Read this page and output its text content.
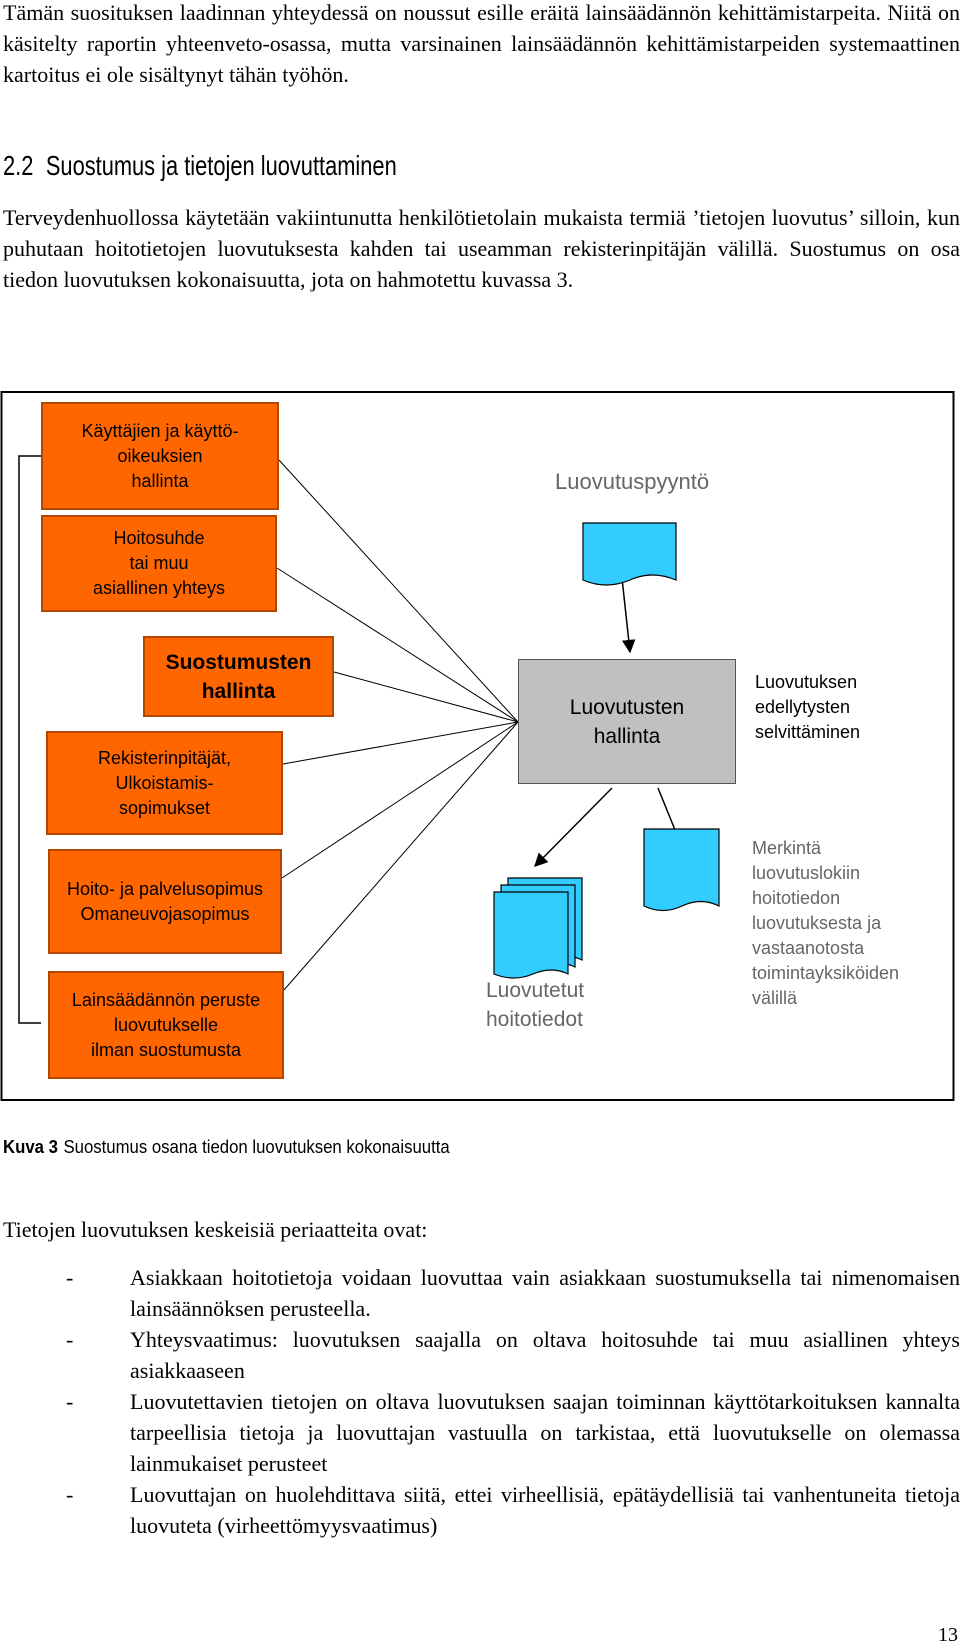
Tämän suosituksen laadinnan yhteydessä on noussut esille eräitä lainsäädännön kehittämistarpeita. Niitä on käsitelty raportin yhteenveto-osassa, mutta varsinainen lainsäädännön kehittämistarpeiden systemaattinen kartoitus ei ole sisältynyt tähän työhön.

2.2 Suostumus ja tietojen luovuttaminen

Terveydenhuollossa käytetään vakiintunutta henkilötietolain mukaista termiä ’tietojen luovutus’ silloin, kun puhutaan hoitotietojen luovutuksesta kahden tai useamman rekisterinpitäjän välillä. Suostumus on osa tiedon luovutuksen kokonaisuutta, jota on hahmotettu kuvassa 3.

Käyttäjien ja käyttö-
oikeuksien
hallinta
Hoitosuhde
tai muu
asiallinen yhteys
Suostumusten
hallinta
Rekisterinpitäjät,
Ulkoistamis-
sopimukset
Hoito- ja palvelusopimus
Omaneuvojasopimus
Lainsäädännön peruste
luovutukselle
ilman suostumusta
Luovutuspyyntö
Luovutusten
hallinta
Luovutuksen
edellytysten
selvittäminen
Luovutetut
hoitotiedot
Merkintä
luovutuslokiin
hoitotiedon
luovutuksesta ja
vastaanotosta
toimintayksiköiden
välillä
Kuva 3 Suostumus osana tiedon luovutuksen kokonaisuutta
Tietojen luovutuksen keskeisiä periaatteita ovat:
-	Asiakkaan hoitotietoja voidaan luovuttaa vain asiakkaan suostumuksella tai nimenomaisen lainsäännöksen perusteella.
-	Yhteysvaatimus: luovutuksen saajalla on oltava hoitosuhde tai muu asiallinen yhteys asiakkaaseen
-	Luovutettavien tietojen on oltava luovutuksen saajan toiminnan käyttötarkoituksen kannalta tarpeellisia tietoja ja luovuttajan vastuulla on tarkistaa, että luovutukselle on olemassa lainmukaiset perusteet
-	Luovuttajan on huolehdittava siitä, ettei virheellisiä, epätäydellisiä tai vanhentuneita tietoja luovuteta (virheettömyysvaatimus)
13
